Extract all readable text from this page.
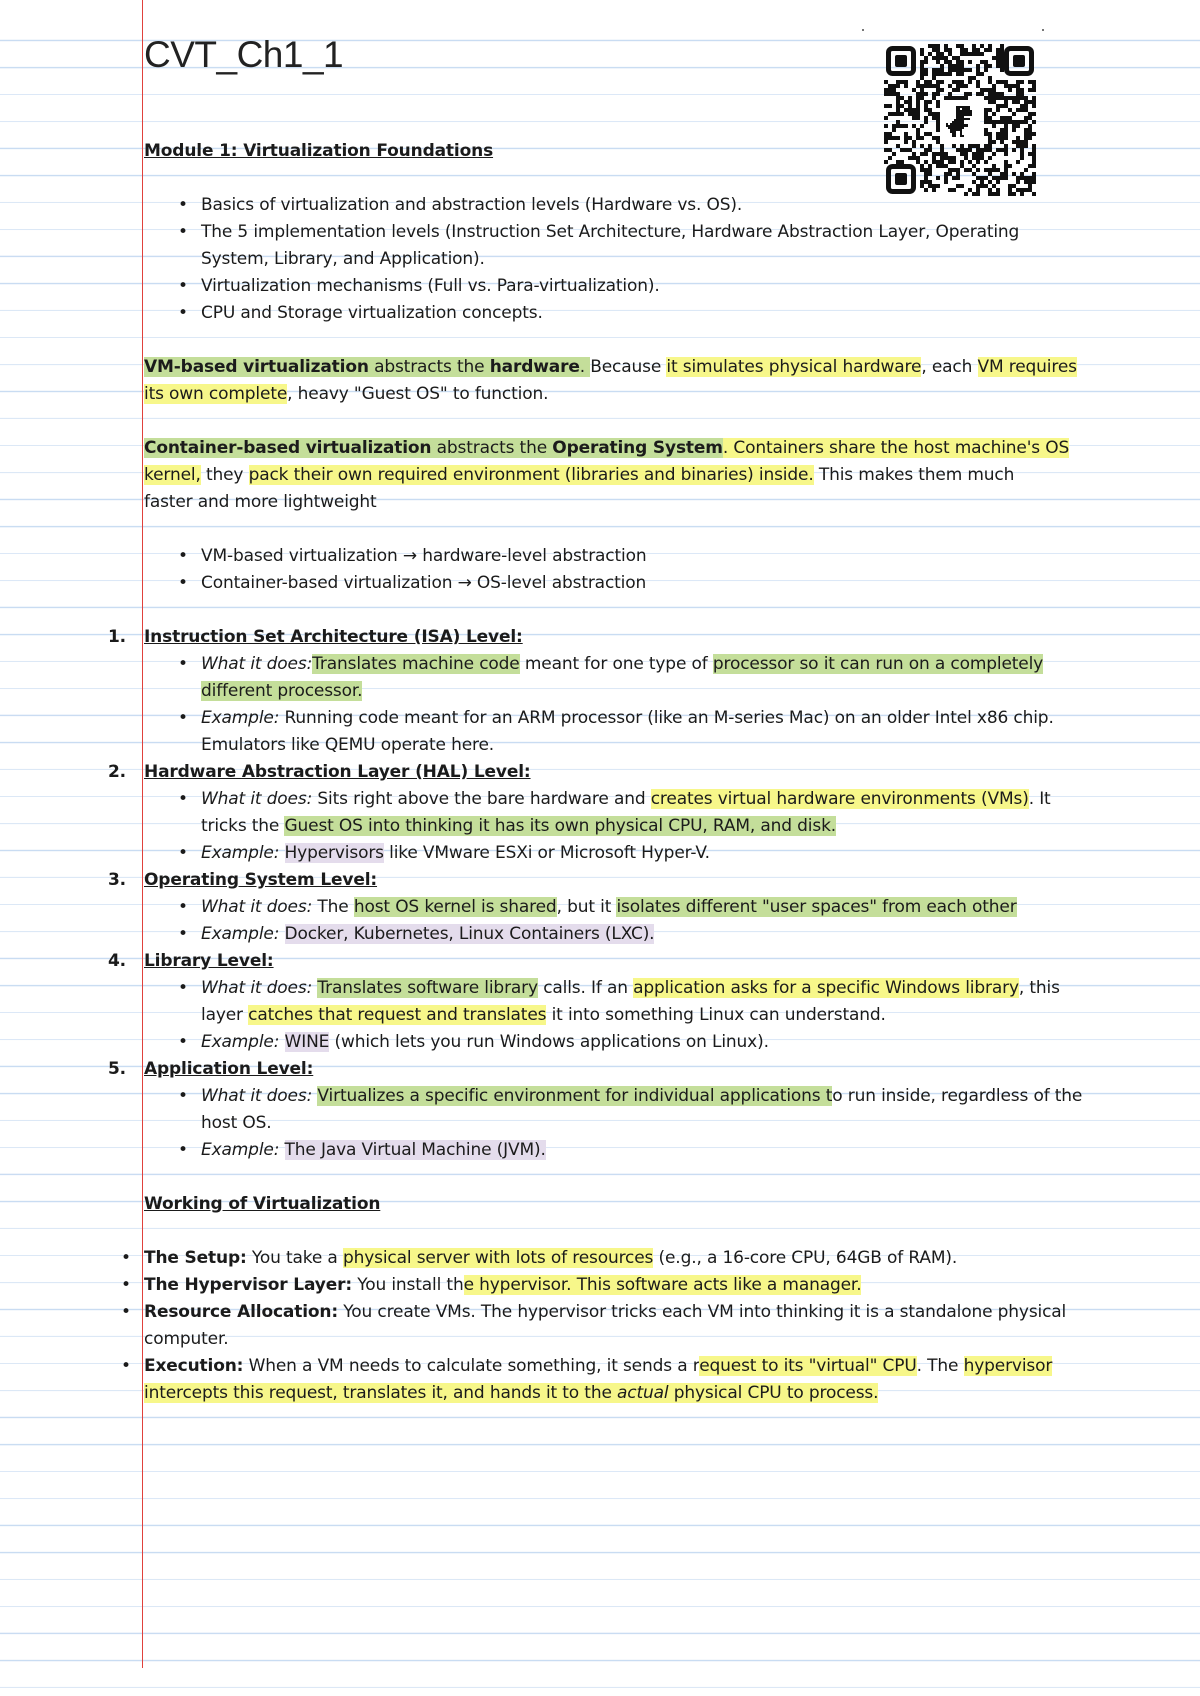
CVT_Ch1_1
Module 1: Virtualization Foundations
• Basics of virtualization and abstraction levels (Hardware vs. OS).
• The 5 implementation levels (Instruction Set Architecture, Hardware Abstraction Layer, Operating
System, Library, and Application).
• Virtualization mechanisms (Full vs. Para-virtualization).
• CPU and Storage virtualization concepts.
VM-based virtualization abstracts the hardware. Because it simulates physical hardware, each VM requires
its own complete, heavy "Guest OS" to function.
Container-based virtualization abstracts the Operating System. Containers share the host machine's OS
kernel, they pack their own required environment (libraries and binaries) inside. This makes them much
faster and more lightweight
• VM-based virtualization → hardware-level abstraction
• Container-based virtualization → OS-level abstraction
1. Instruction Set Architecture (ISA) Level:
• What it does:Translates machine code meant for one type of processor so it can run on a completely
different processor.
• Example: Running code meant for an ARM processor (like an M-series Mac) on an older Intel x86 chip.
Emulators like QEMU operate here.
2. Hardware Abstraction Layer (HAL) Level:
• What it does: Sits right above the bare hardware and creates virtual hardware environments (VMs). It
tricks the Guest OS into thinking it has its own physical CPU, RAM, and disk.
• Example: Hypervisors like VMware ESXi or Microsoft Hyper-V.
3. Operating System Level:
• What it does: The host OS kernel is shared, but it isolates different "user spaces" from each other
• Example: Docker, Kubernetes, Linux Containers (LXC).
4. Library Level:
• What it does: Translates software library calls. If an application asks for a specific Windows library, this
layer catches that request and translates it into something Linux can understand.
• Example: WINE (which lets you run Windows applications on Linux).
5. Application Level:
• What it does: Virtualizes a specific environment for individual applications to run inside, regardless of the
host OS.
• Example: The Java Virtual Machine (JVM).
Working of Virtualization
• The Setup: You take a physical server with lots of resources (e.g., a 16-core CPU, 64GB of RAM).
• The Hypervisor Layer: You install the hypervisor. This software acts like a manager.
• Resource Allocation: You create VMs. The hypervisor tricks each VM into thinking it is a standalone physical
computer.
• Execution: When a VM needs to calculate something, it sends a request to its "virtual" CPU. The hypervisor
intercepts this request, translates it, and hands it to the actual physical CPU to process.
